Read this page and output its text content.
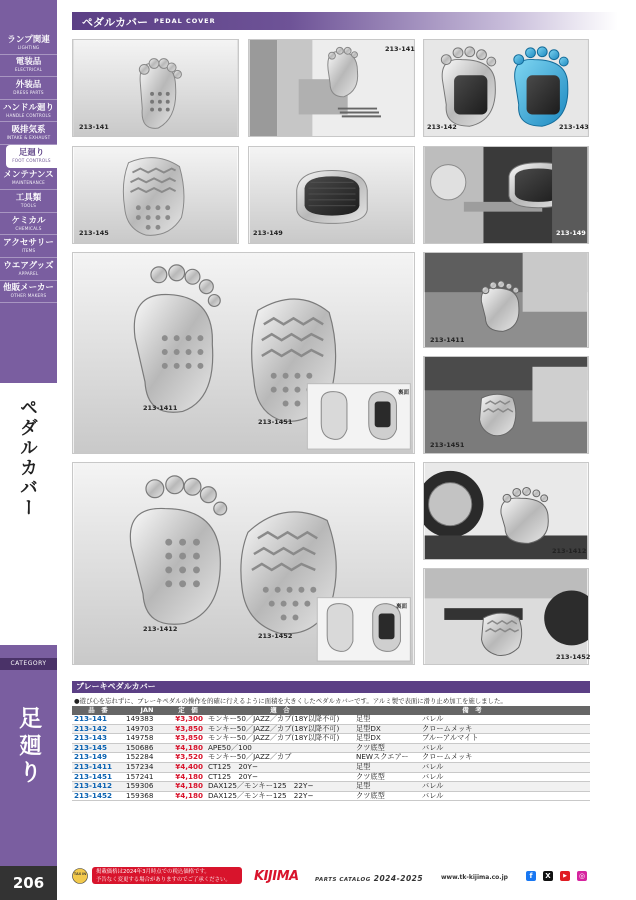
ランプ関連
LIGHTING
電装品
ELECTRICAL
外装品
DRESS PARTS
ハンドル廻り
HANDLE CONTROLS
吸排気系
INTAKE & EXHAUST
足廻り
FOOT CONTROLS
メンテナンス
MAINTENANCE
工具類
TOOLS
ケミカル
CHEMICALS
アクセサリー
ITEMS
ウエアグッズ
APPAREL
他販メーカー
OTHER MAKERS
ペダルカバー
CATEGORY
足廻り
206
ペダルカバー PEDAL COVER
213-141
213-141
213-142	213-143
213-145	213-149	213-149
213-1411
213-1451
裏面
213-1411
213-1451
213-1412
213-1452
裏面
213-1412
213-1452
ブレーキペダルカバー
●遊び心を忘れずに、ブレーキペダルの操作を的確に行えるように面積を大きくしたペダルカバーです。アルミ製で表面に滑り止め加工を施しました。
品　番	JAN	定　価	適　合	備　考	
213-141	149383	¥3,300	モンキー50／JAZZ／カブ(18Y以降不可)	足型	バレル
213-142	149703	¥3,850	モンキー50／JAZZ／カブ(18Y以降不可)	足型DX	クロームメッキ
213-143	149758	¥3,850	モンキー50／JAZZ／カブ(18Y以降不可)	足型DX	ブルーアルマイト
213-145	150686	¥4,180	APE50／100	クツ底型	バレル
213-149	152284	¥3,520	モンキー50／JAZZ／カブ	NEWスクエアー	クロームメッキ
213-1411	157234	¥4,400	CT125　20Y−	足型	バレル
213-1451	157241	¥4,180	CT125　20Y−	クツ底型	バレル
213-1412	159306	¥4,180	DAX125／モンキー125　22Y−	足型	バレル
213-1452	159368	¥4,180	DAX125／モンキー125　22Y−	クツ底型	バレル
TAX IN 掲載価格は2024年3月時点での税込価格です。
予告なく変更する場合がありますのでご了承ください。	KIJIMA	PARTS CATALOG 2024-2025	www.tk-kijima.co.jp	f	X	▶	◎
